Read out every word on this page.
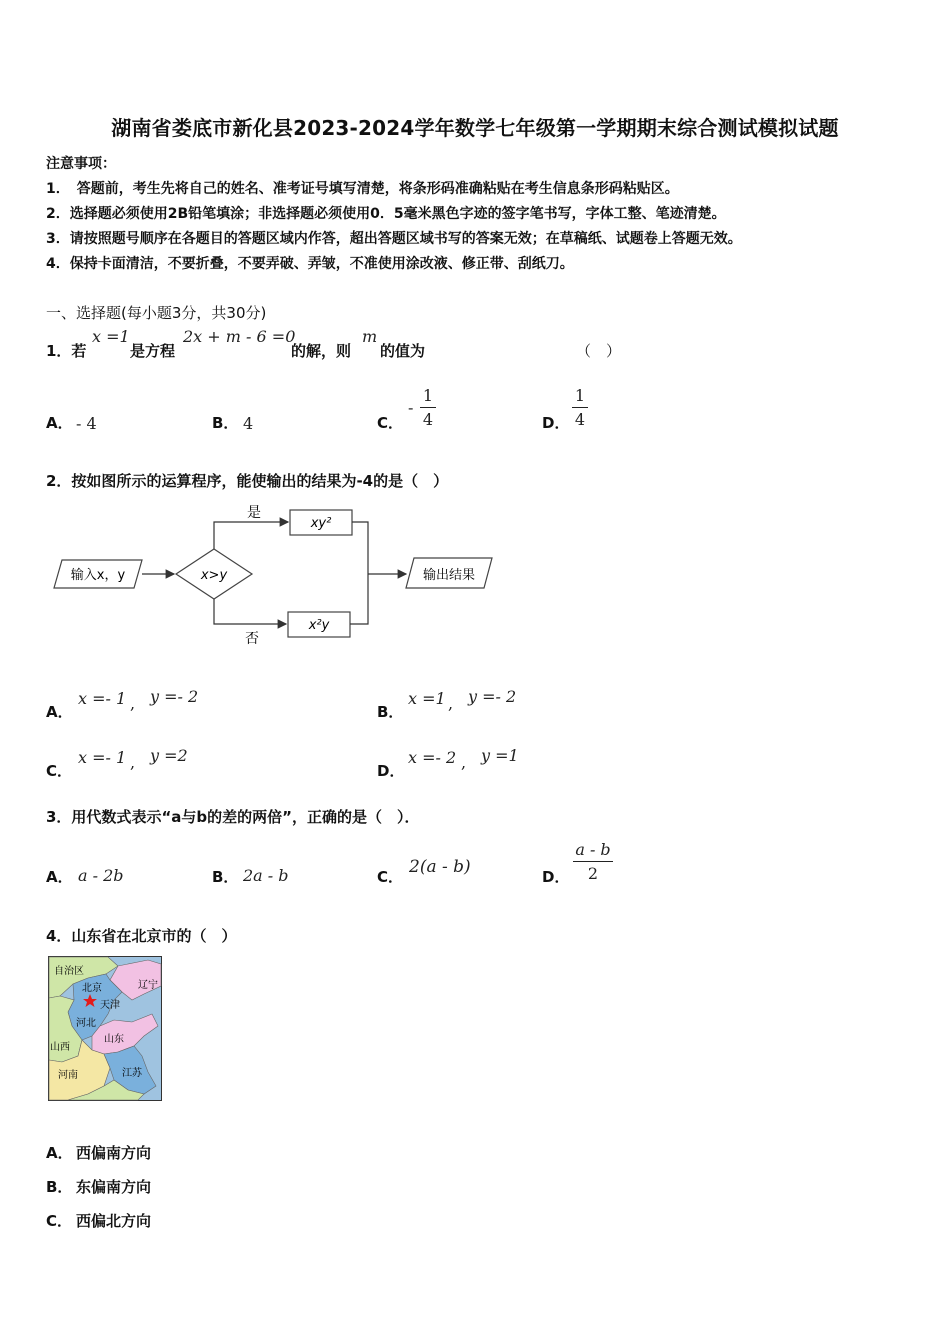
湖南省娄底市新化县2023-2024学年数学七年级第一学期期末综合测试模拟试题
注意事项：
1．　答题前，考生先将自己的姓名、准考证号填写清楚，将条形码准确粘贴在考生信息条形码粘贴区。
2．选择题必须使用2B铅笔填涂；非选择题必须使用0．5毫米黑色字迹的签字笔书写，字体工整、笔迹清楚。
3．请按照题号顺序在各题目的答题区域内作答，超出答题区域书写的答案无效；在草稿纸、试题卷上答题无效。
4．保持卡面清洁，不要折叠，不要弄破、弄皱，不准使用涂改液、修正带、刮纸刀。
一、选择题(每小题3分，共30分)
1．若
x =1
是方程
2x + m - 6 =0
的解，则
m
的值为	（　）
A． - 4	B． 4	C．
-
1
4	D．
1
4
2．按如图所示的运算程序，能使输出的结果为-4的是（　）
输入x，y	x>y
是
xy²
否
x²y
输出结果
A．
x =- 1 , y =- 2
B．
x =1 , y =- 2
C．
x =- 1 , y =2
D．
x =- 2 , y =1
3．用代数式表示“a与b的差的两倍”，正确的是（　）．
A． a - 2b	B． 2a - b	C． 2(a - b)	D．
a - b
2
4．山东省在北京市的（　）
自治区
北京
天津
辽宁
河北
山东
山西
河南	江苏
A． 西偏南方向
B． 东偏南方向
C． 西偏北方向
